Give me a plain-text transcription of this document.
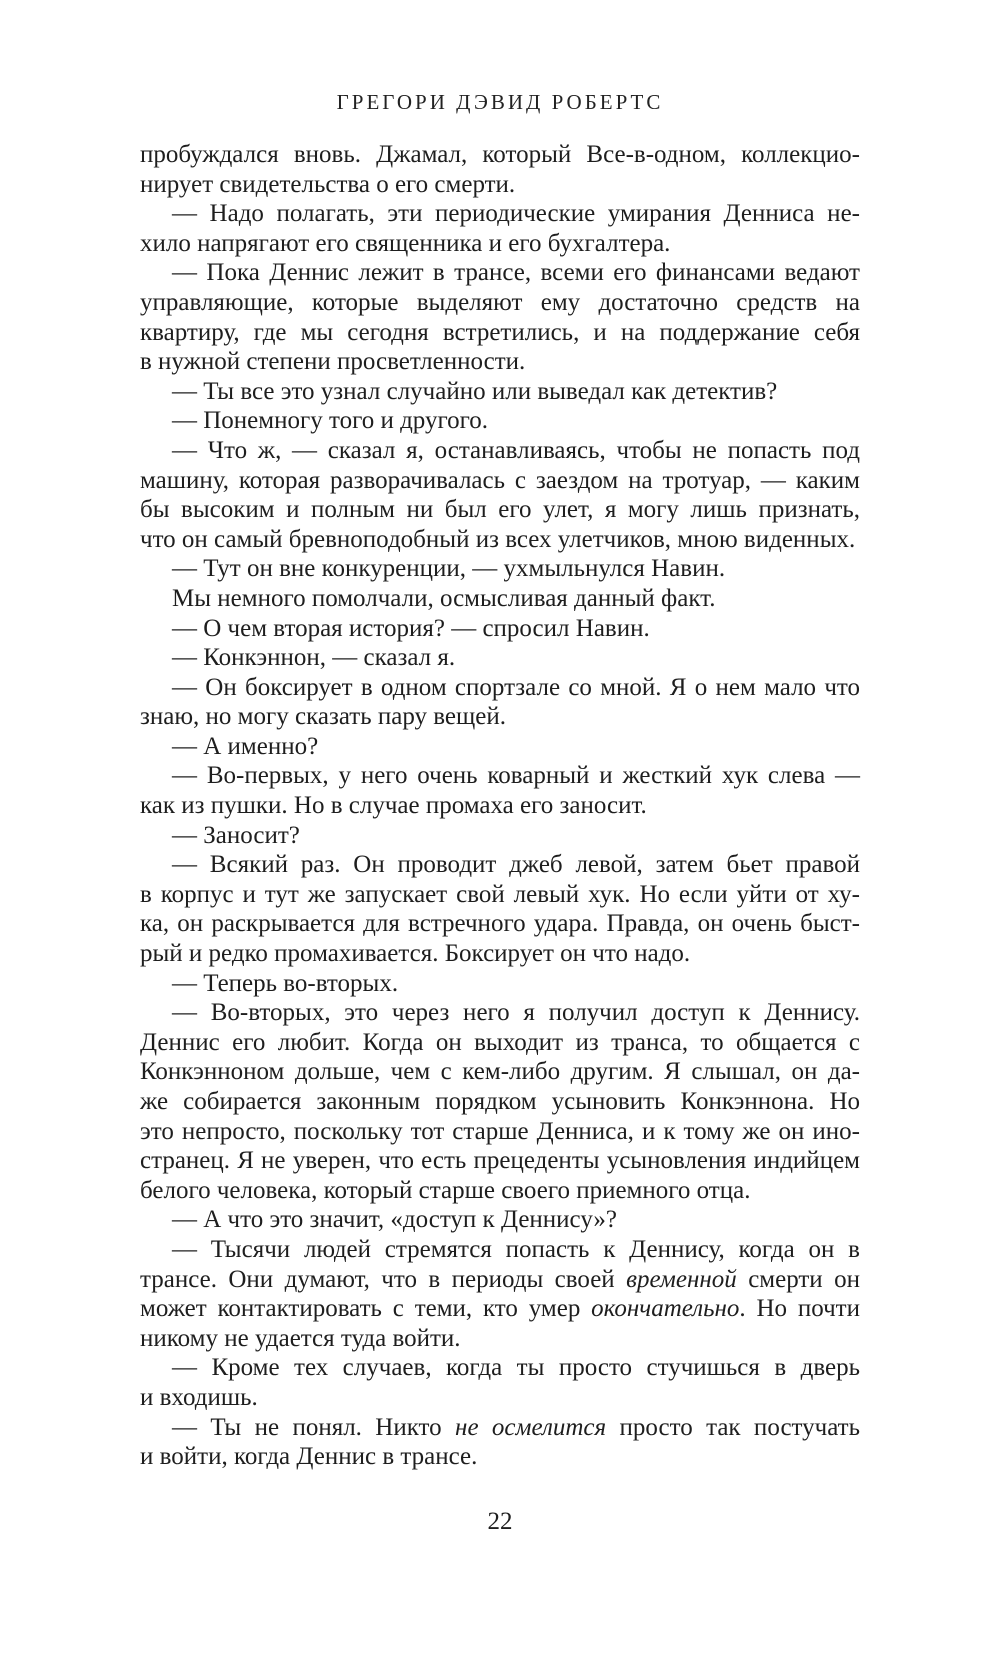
ГРЕГОРИ ДЭВИД РОБЕРТС
пробуждался вновь. Джамал, который Все-в-одном, коллекцио-
нирует свидетельства о его смерти.
— Надо полагать, эти периодические умирания Денниса не-
хило напрягают его священника и его бухгалтера.
— Пока Деннис лежит в трансе, всеми его финансами ведают
управляющие, которые выделяют ему достаточно средств на
квартиру, где мы сегодня встретились, и на поддержание себя
в нужной степени просветленности.
— Ты все это узнал случайно или выведал как детектив?
— Понемногу того и другого.
— Что ж, — сказал я, останавливаясь, чтобы не попасть под
машину, которая разворачивалась с заездом на тротуар, — каким
бы высоким и полным ни был его улет, я могу лишь признать,
что он самый бревноподобный из всех улетчиков, мною виденных.
— Тут он вне конкуренции, — ухмыльнулся Навин.
Мы немного помолчали, осмысливая данный факт.
— О чем вторая история? — спросил Навин.
— Конкэннон, — сказал я.
— Он боксирует в одном спортзале со мной. Я о нем мало что
знаю, но могу сказать пару вещей.
— А именно?
— Во-первых, у него очень коварный и жесткий хук слева —
как из пушки. Но в случае промаха его заносит.
— Заносит?
— Всякий раз. Он проводит джеб левой, затем бьет правой
в корпус и тут же запускает свой левый хук. Но если уйти от ху-
ка, он раскрывается для встречного удара. Правда, он очень быст-
рый и редко промахивается. Боксирует он что надо.
— Теперь во-вторых.
— Во-вторых, это через него я получил доступ к Деннису.
Деннис его любит. Когда он выходит из транса, то общается с
Конкэнноном дольше, чем с кем-либо другим. Я слышал, он да-
же собирается законным порядком усыновить Конкэннона. Но
это непросто, поскольку тот старше Денниса, и к тому же он ино-
странец. Я не уверен, что есть прецеденты усыновления индийцем
белого человека, который старше своего приемного отца.
— А что это значит, «доступ к Деннису»?
— Тысячи людей стремятся попасть к Деннису, когда он в
трансе. Они думают, что в периоды своей временной смерти он
может контактировать с теми, кто умер окончательно. Но почти
никому не удается туда войти.
— Кроме тех случаев, когда ты просто стучишься в дверь
и входишь.
— Ты не понял. Никто не осмелится просто так постучать
и войти, когда Деннис в трансе.
22
